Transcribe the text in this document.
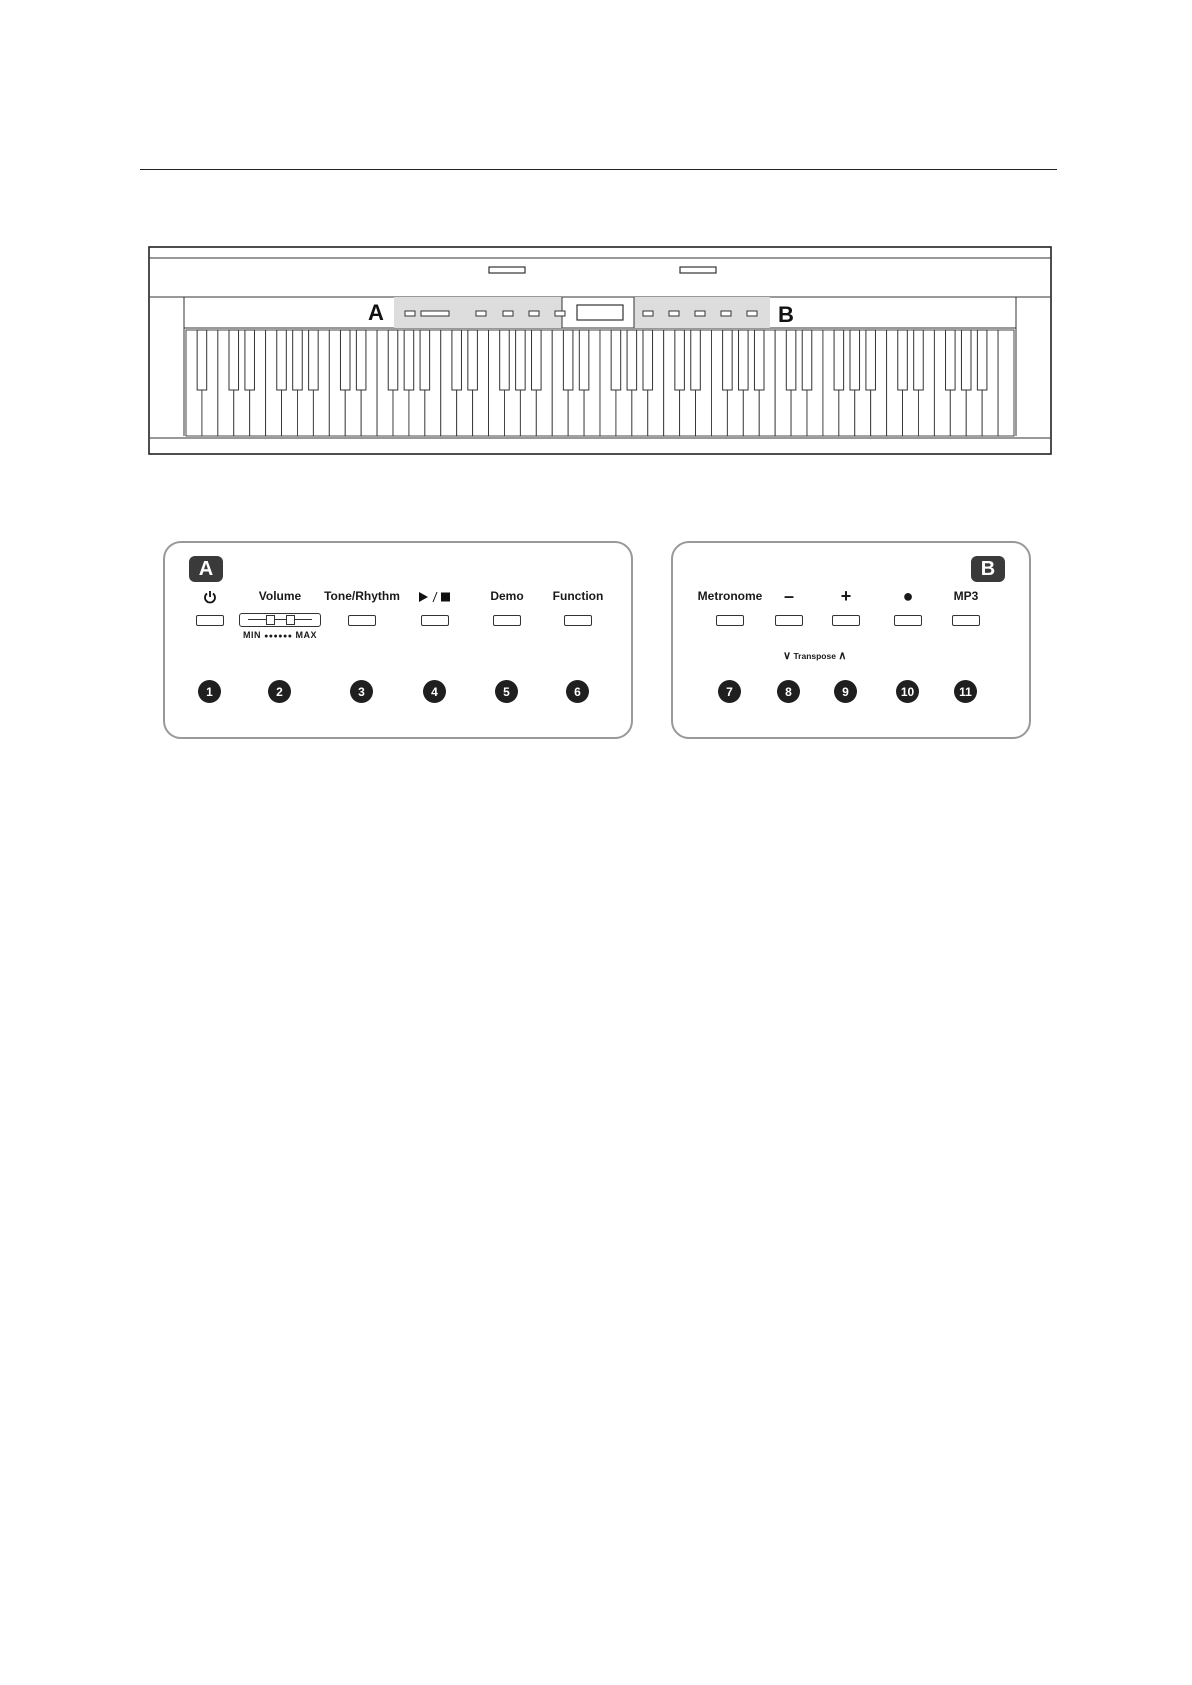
A	B
A
Volume
MIN ●●●●●● MAX
Tone/Rhythm	Demo	Function
1	2	3	4	5	6
B
Metronome	–	+	●	MP3
∨ Transpose ∧
7	8	9	10	11
